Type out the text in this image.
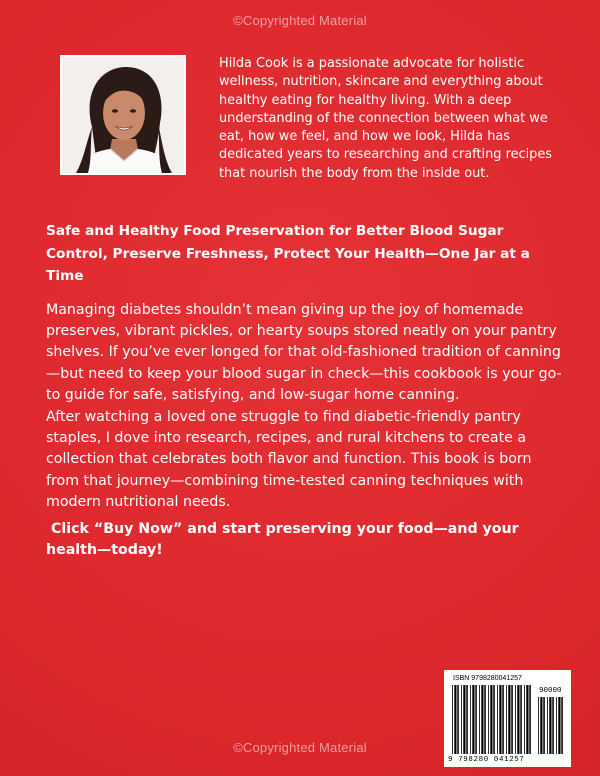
©Copyrighted Material

Hilda Cook is a passionate advocate for holistic wellness, nutrition, skincare and everything about healthy eating for healthy living. With a deep understanding of the connection between what we eat, how we feel, and how we look, Hilda has dedicated years to researching and crafting recipes that nourish the body from the inside out.

Safe and Healthy Food Preservation for Better Blood Sugar Control, Preserve Freshness, Protect Your Health—One Jar at a Time

Managing diabetes shouldn’t mean giving up the joy of homemade preserves, vibrant pickles, or hearty soups stored neatly on your pantry shelves. If you’ve ever longed for that old-fashioned tradition of canning—but need to keep your blood sugar in check—this cookbook is your go-to guide for safe, satisfying, and low-sugar home canning.

After watching a loved one struggle to find diabetic-friendly pantry staples, I dove into research, recipes, and rural kitchens to create a collection that celebrates both flavor and function. This book is born from that journey—combining time-tested canning techniques with modern nutritional needs.

Click “Buy Now” and start preserving your food—and your health—today!

ISBN 9798280041257
90000
9 798280 041257
©Copyrighted Material
